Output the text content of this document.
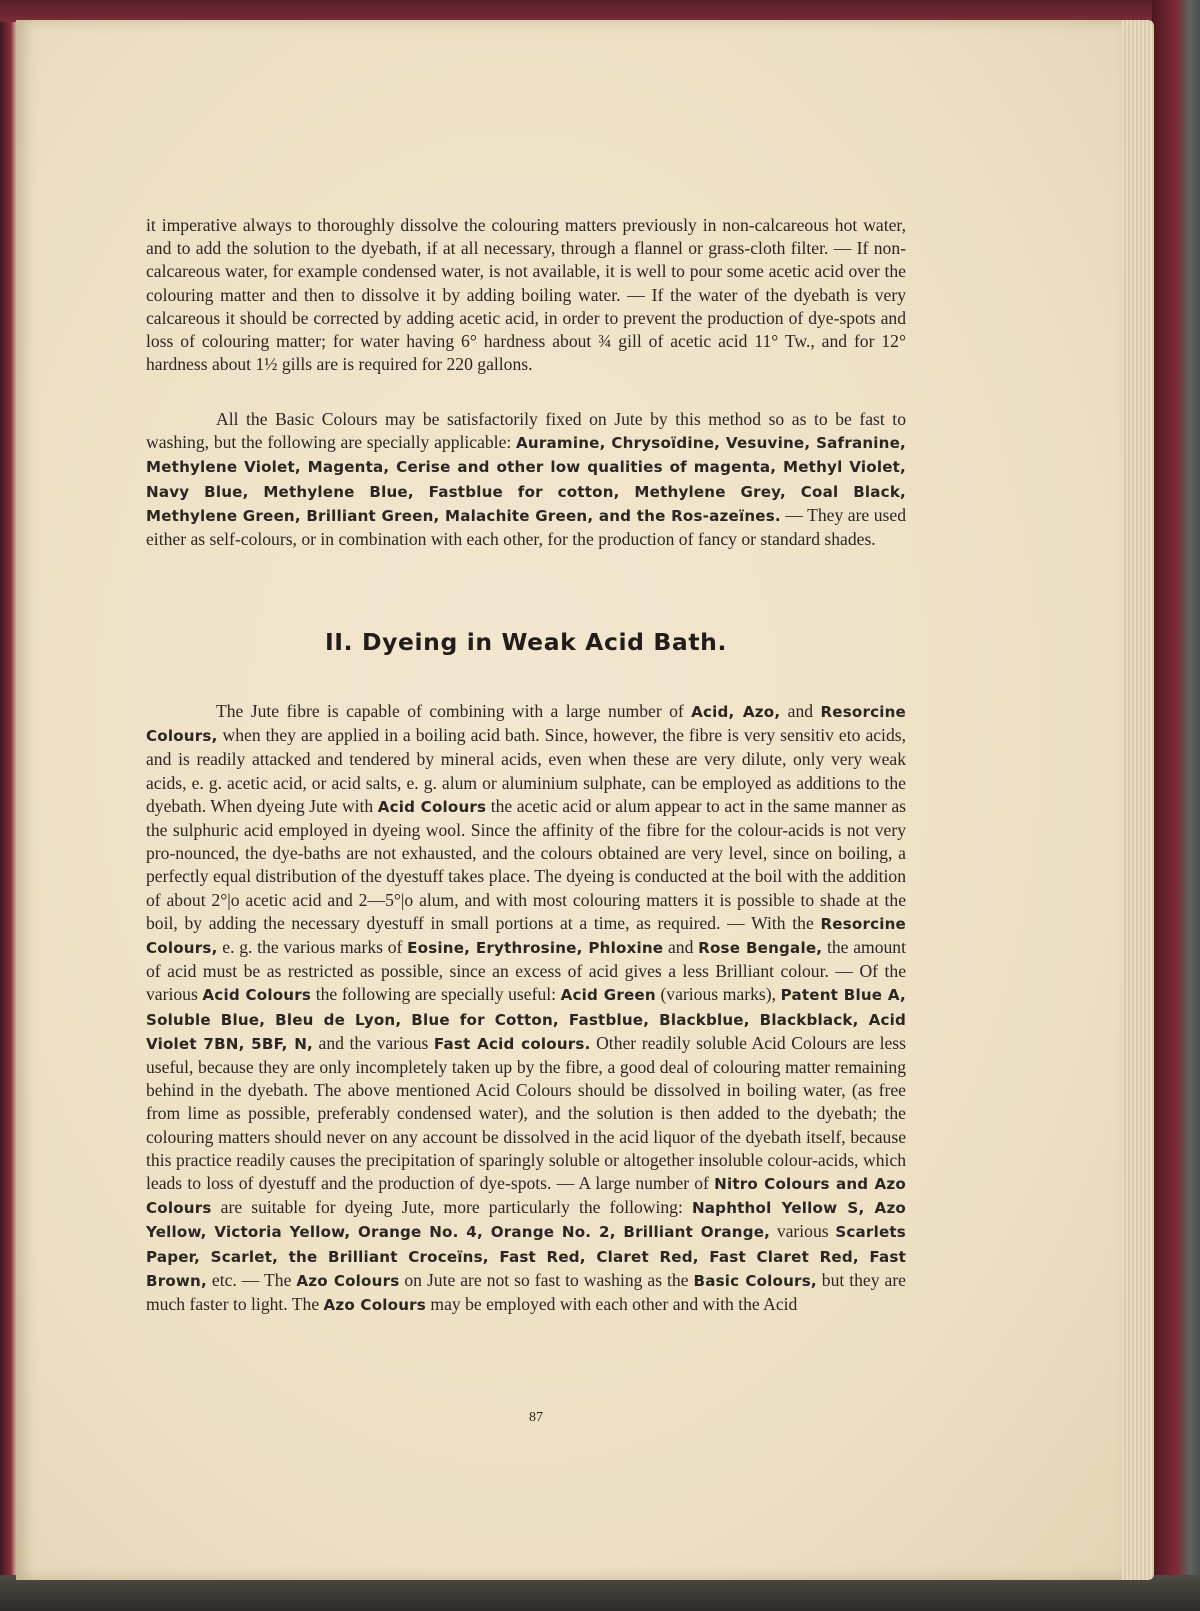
it imperative always to thoroughly dissolve the colouring matters previously in non-calcareous hot water, and to add the solution to the dyebath, if at all necessary, through a flannel or grass-cloth filter. — If non-calcareous water, for example condensed water, is not available, it is well to pour some acetic acid over the colouring matter and then to dissolve it by adding boiling water. — If the water of the dyebath is very calcareous it should be corrected by adding acetic acid, in order to prevent the production of dye-spots and loss of colouring matter; for water having 6° hardness about ¾ gill of acetic acid 11° Tw., and for 12° hardness about 1½ gills are is required for 220 gallons.

All the Basic Colours may be satisfactorily fixed on Jute by this method so as to be fast to washing, but the following are specially applicable: Auramine, Chrysoïdine, Vesuvine, Safranine, Methylene Violet, Magenta, Cerise and other low qualities of magenta, Methyl Violet, Navy Blue, Methylene Blue, Fastblue for cotton, Methylene Grey, Coal Black, Methylene Green, Brilliant Green, Malachite Green, and the Ros-azeïnes. — They are used either as self-colours, or in combination with each other, for the production of fancy or standard shades.

II. Dyeing in Weak Acid Bath.

The Jute fibre is capable of combining with a large number of Acid, Azo, and Resorcine Colours, when they are applied in a boiling acid bath. Since, however, the fibre is very sensitiv eto acids, and is readily attacked and tendered by mineral acids, even when these are very dilute, only very weak acids, e. g. acetic acid, or acid salts, e. g. alum or aluminium sulphate, can be employed as additions to the dyebath. When dyeing Jute with Acid Colours the acetic acid or alum appear to act in the same manner as the sulphuric acid employed in dyeing wool. Since the affinity of the fibre for the colour-acids is not very pro-nounced, the dye-baths are not exhausted, and the colours obtained are very level, since on boiling, a perfectly equal distribution of the dyestuff takes place. The dyeing is conducted at the boil with the addition of about 2°|o acetic acid and 2—5°|o alum, and with most colouring matters it is possible to shade at the boil, by adding the necessary dyestuff in small portions at a time, as required. — With the Resorcine Colours, e. g. the various marks of Eosine, Erythrosine, Phloxine and Rose Bengale, the amount of acid must be as restricted as possible, since an excess of acid gives a less Brilliant colour. — Of the various Acid Colours the following are specially useful: Acid Green (various marks), Patent Blue A, Soluble Blue, Bleu de Lyon, Blue for Cotton, Fastblue, Blackblue, Blackblack, Acid Violet 7BN, 5BF, N, and the various Fast Acid colours. Other readily soluble Acid Colours are less useful, because they are only incompletely taken up by the fibre, a good deal of colouring matter remaining behind in the dyebath. The above mentioned Acid Colours should be dissolved in boiling water, (as free from lime as possible, preferably condensed water), and the solution is then added to the dyebath; the colouring matters should never on any account be dissolved in the acid liquor of the dyebath itself, because this practice readily causes the precipitation of sparingly soluble or altogether insoluble colour-acids, which leads to loss of dyestuff and the production of dye-spots. — A large number of Nitro Colours and Azo Colours are suitable for dyeing Jute, more particularly the following: Naphthol Yellow S, Azo Yellow, Victoria Yellow, Orange No. 4, Orange No. 2, Brilliant Orange, various Scarlets Paper, Scarlet, the Brilliant Croceïns, Fast Red, Claret Red, Fast Claret Red, Fast Brown, etc. — The Azo Colours on Jute are not so fast to washing as the Basic Colours, but they are much faster to light. The Azo Colours may be employed with each other and with the Acid

87
